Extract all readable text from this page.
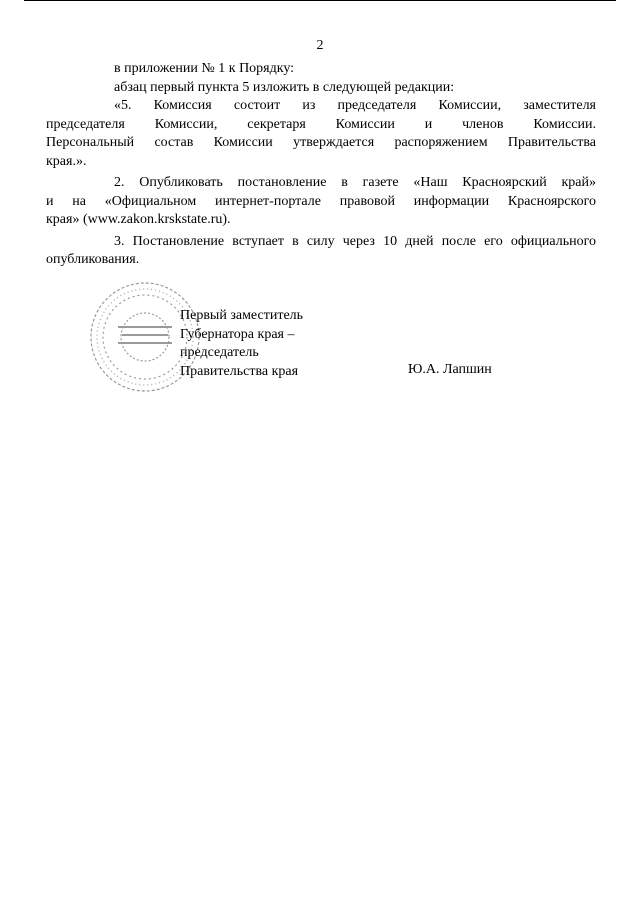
2
в приложении № 1 к Порядку:
абзац первый пункта 5 изложить в следующей редакции:
«5. Комиссия состоит из председателя Комиссии, заместителя
председателя Комиссии, секретаря Комиссии и членов Комиссии.
Персональный состав Комиссии утверждается распоряжением Правительства
края.».
2. Опубликовать постановление в газете «Наш Красноярский край»
и на «Официальном интернет-портале правовой информации Красноярского
края» (www.zakon.krskstate.ru).
3. Постановление вступает в силу через 10 дней после его официального
опубликования.
Первый заместитель
Губернатора края –
председатель
Правительства края	Ю.А. Лапшин
